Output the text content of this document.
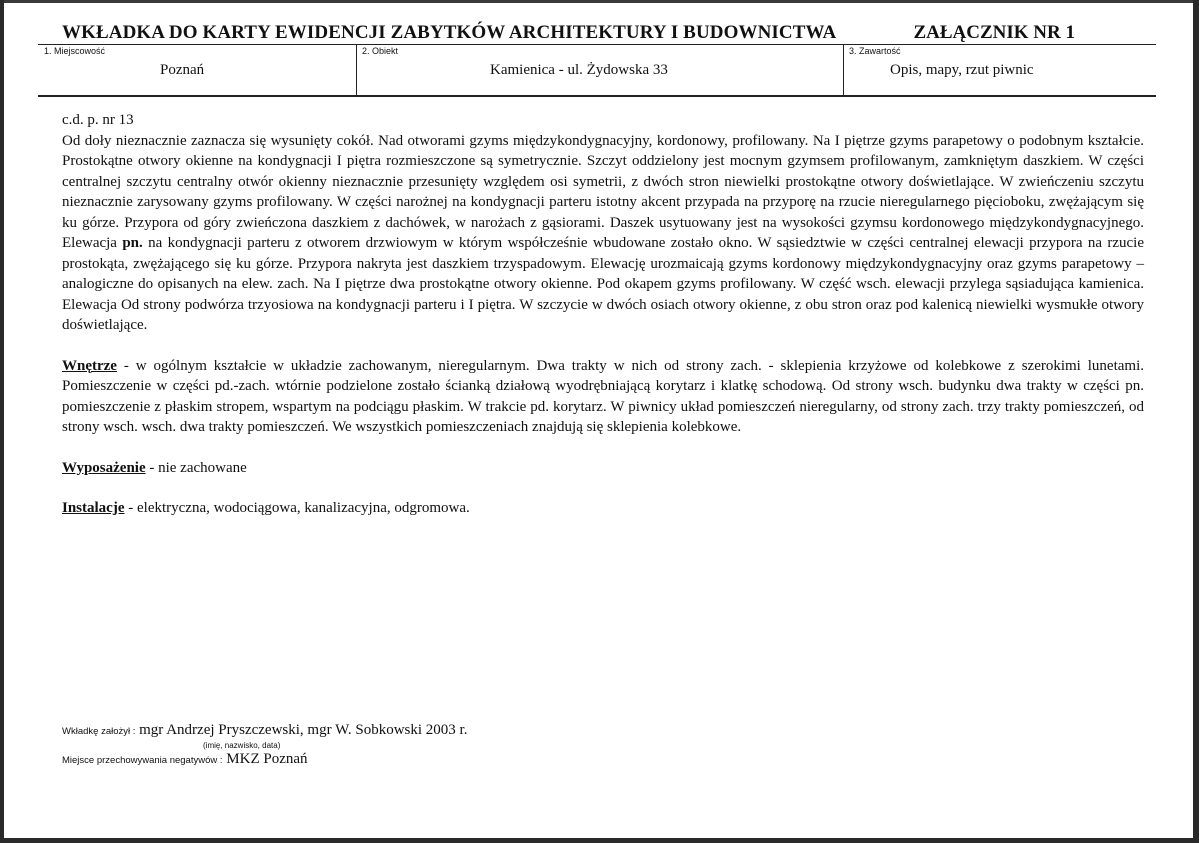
WKŁADKA DO KARTY EWIDENCJI ZABYTKÓW ARCHITEKTURY I BUDOWNICTWA	ZAŁĄCZNIK NR 1
1. Miejscowość
Poznań
2. Obiekt
Kamienica - ul. Żydowska 33
3. Zawartość
Opis, mapy, rzut piwnic

c.d. p. nr 13

Od doły nieznacznie zaznacza się wysunięty cokół. Nad otworami gzyms międzykondygnacyjny, kordonowy, profilowany. Na I piętrze gzyms parapetowy o podobnym kształcie. Prostokątne otwory okienne na kondygnacji I piętra rozmieszczone są symetrycznie. Szczyt oddzielony jest mocnym gzymsem profilowanym, zamkniętym daszkiem. W części centralnej szczytu centralny otwór okienny nieznacznie przesunięty względem osi symetrii, z dwóch stron niewielki prostokątne otwory doświetlające. W zwieńczeniu szczytu nieznacznie zarysowany gzyms profilowany. W części narożnej na kondygnacji parteru istotny akcent przypada na przyporę na rzucie nieregularnego pięcioboku, zwężającym się ku górze. Przypora od góry zwieńczona daszkiem z dachówek, w narożach z gąsiorami. Daszek usytuowany jest na wysokości gzymsu kordonowego międzykondygnacyjnego. Elewacja pn. na kondygnacji parteru z otworem drzwiowym w którym współcześnie wbudowane zostało okno. W sąsiedztwie w części centralnej elewacji przypora na rzucie prostokąta, zwężającego się ku górze. Przypora nakryta jest daszkiem trzyspadowym. Elewację urozmaicają gzyms kordonowy międzykondygnacyjny oraz gzyms parapetowy – analogiczne do opisanych na elew. zach. Na I piętrze dwa prostokątne otwory okienne. Pod okapem gzyms profilowany. W część wsch. elewacji przylega sąsiadująca kamienica. Elewacja Od strony podwórza trzyosiowa na kondygnacji parteru i I piętra. W szczycie w dwóch osiach otwory okienne, z obu stron oraz pod kalenicą niewielki wysmukłe otwory doświetlające.

Wnętrze - w ogólnym kształcie w układzie zachowanym, nieregularnym. Dwa trakty w nich od strony zach. - sklepienia krzyżowe od kolebkowe z szerokimi lunetami. Pomieszczenie w części pd.-zach. wtórnie podzielone zostało ścianką działową wyodrębniającą korytarz i klatkę schodową. Od strony wsch. budynku dwa trakty w części pn. pomieszczenie z płaskim stropem, wspartym na podciągu płaskim. W trakcie pd. korytarz. W piwnicy układ pomieszczeń nieregularny, od strony zach. trzy trakty pomieszczeń, od strony wsch. wsch. dwa trakty pomieszczeń. We wszystkich pomieszczeniach znajdują się sklepienia kolebkowe.

Wyposażenie - nie zachowane

Instalacje - elektryczna, wodociągowa, kanalizacyjna, odgromowa.

Wkładkę założył : mgr Andrzej Pryszczewski, mgr W. Sobkowski 2003 r.
(imię, nazwisko, data)
Miejsce przechowywania negatywów : MKZ Poznań
